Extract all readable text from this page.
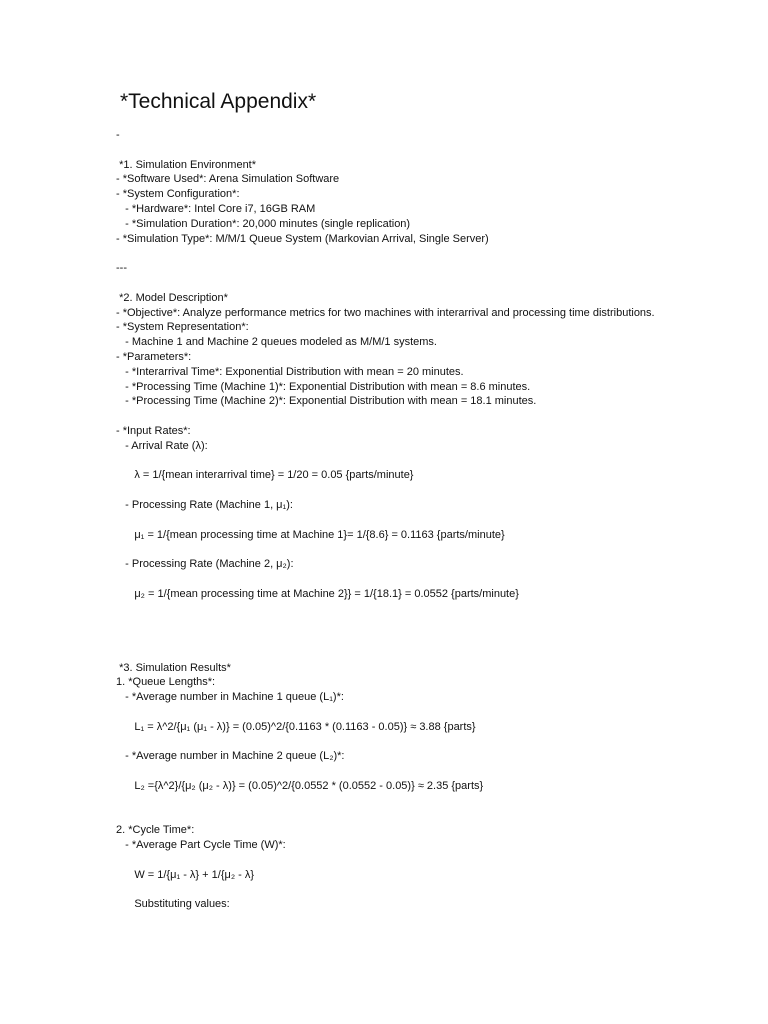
*Technical Appendix*
-
*1. Simulation Environment*
- *Software Used*: Arena Simulation Software
- *System Configuration*:
- *Hardware*: Intel Core i7, 16GB RAM
- *Simulation Duration*: 20,000 minutes (single replication)
- *Simulation Type*: M/M/1 Queue System (Markovian Arrival, Single Server)
---
*2. Model Description*
- *Objective*: Analyze performance metrics for two machines with interarrival and processing time distributions.
- *System Representation*:
- Machine 1 and Machine 2 queues modeled as M/M/1 systems.
- *Parameters*:
- *Interarrival Time*: Exponential Distribution with mean = 20 minutes.
- *Processing Time (Machine 1)*: Exponential Distribution with mean = 8.6 minutes.
- *Processing Time (Machine 2)*: Exponential Distribution with mean = 18.1 minutes.
- *Input Rates*:
- Arrival Rate (λ):
λ = 1/{mean interarrival time} = 1/20 = 0.05 {parts/minute}
- Processing Rate (Machine 1, μ₁):
μ₁ = 1/{mean processing time at Machine 1}= 1/{8.6} = 0.1163 {parts/minute}
- Processing Rate (Machine 2, μ₂):
μ₂ = 1/{mean processing time at Machine 2}} = 1/{18.1} = 0.0552 {parts/minute}
*3. Simulation Results*
1. *Queue Lengths*:
- *Average number in Machine 1 queue (L₁)*:
L₁ = λ^2/{μ₁ (μ₁ - λ)} = (0.05)^2/{0.1163 * (0.1163 - 0.05)} ≈ 3.88 {parts}
- *Average number in Machine 2 queue (L₂)*:
L₂ ={λ^2}/{μ₂ (μ₂ - λ)} = (0.05)^2/{0.0552 * (0.0552 - 0.05)} ≈ 2.35 {parts}
2. *Cycle Time*:
- *Average Part Cycle Time (W)*:
W = 1/{μ₁ - λ} + 1/{μ₂ - λ}
Substituting values:
